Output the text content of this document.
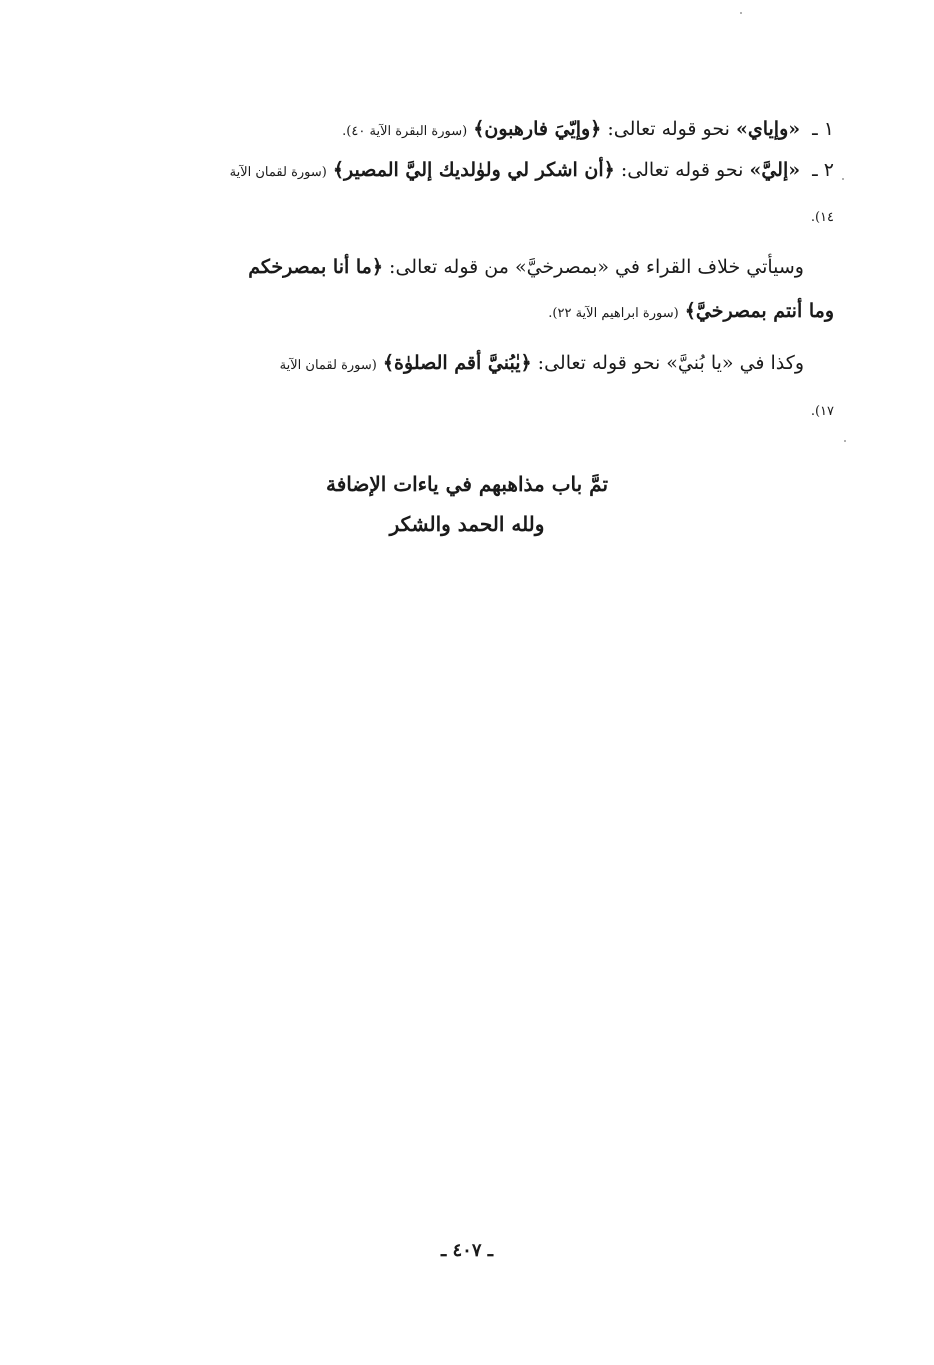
١ ـ «وإياي» نحو قوله تعالى: ﴿وإيّيَ فارهبون﴾ (سورة البقرة الآية ٤٠).
٢ ـ «إليَّ» نحو قوله تعالى: ﴿أن اشكر لي ولوٰلديك إليَّ المصير﴾ (سورة لقمان الآية
١٤).
وسيأتي خلاف القراء في «بمصرخيَّ» من قوله تعالى: ﴿ما أنا بمصرخكم
وما أنتم بمصرخيَّ﴾ (سورة ابراهيم الآية ٢٢).
وكذا في «يا بُنيَّ» نحو قوله تعالى: ﴿يٰبُنيَّ أقم الصلوٰة﴾ (سورة لقمان الآية
١٧).
تمَّ باب مذاهبهم في ياءات الإضافة
ولله الحمد والشكر
ـ ٤٠٧ ـ
